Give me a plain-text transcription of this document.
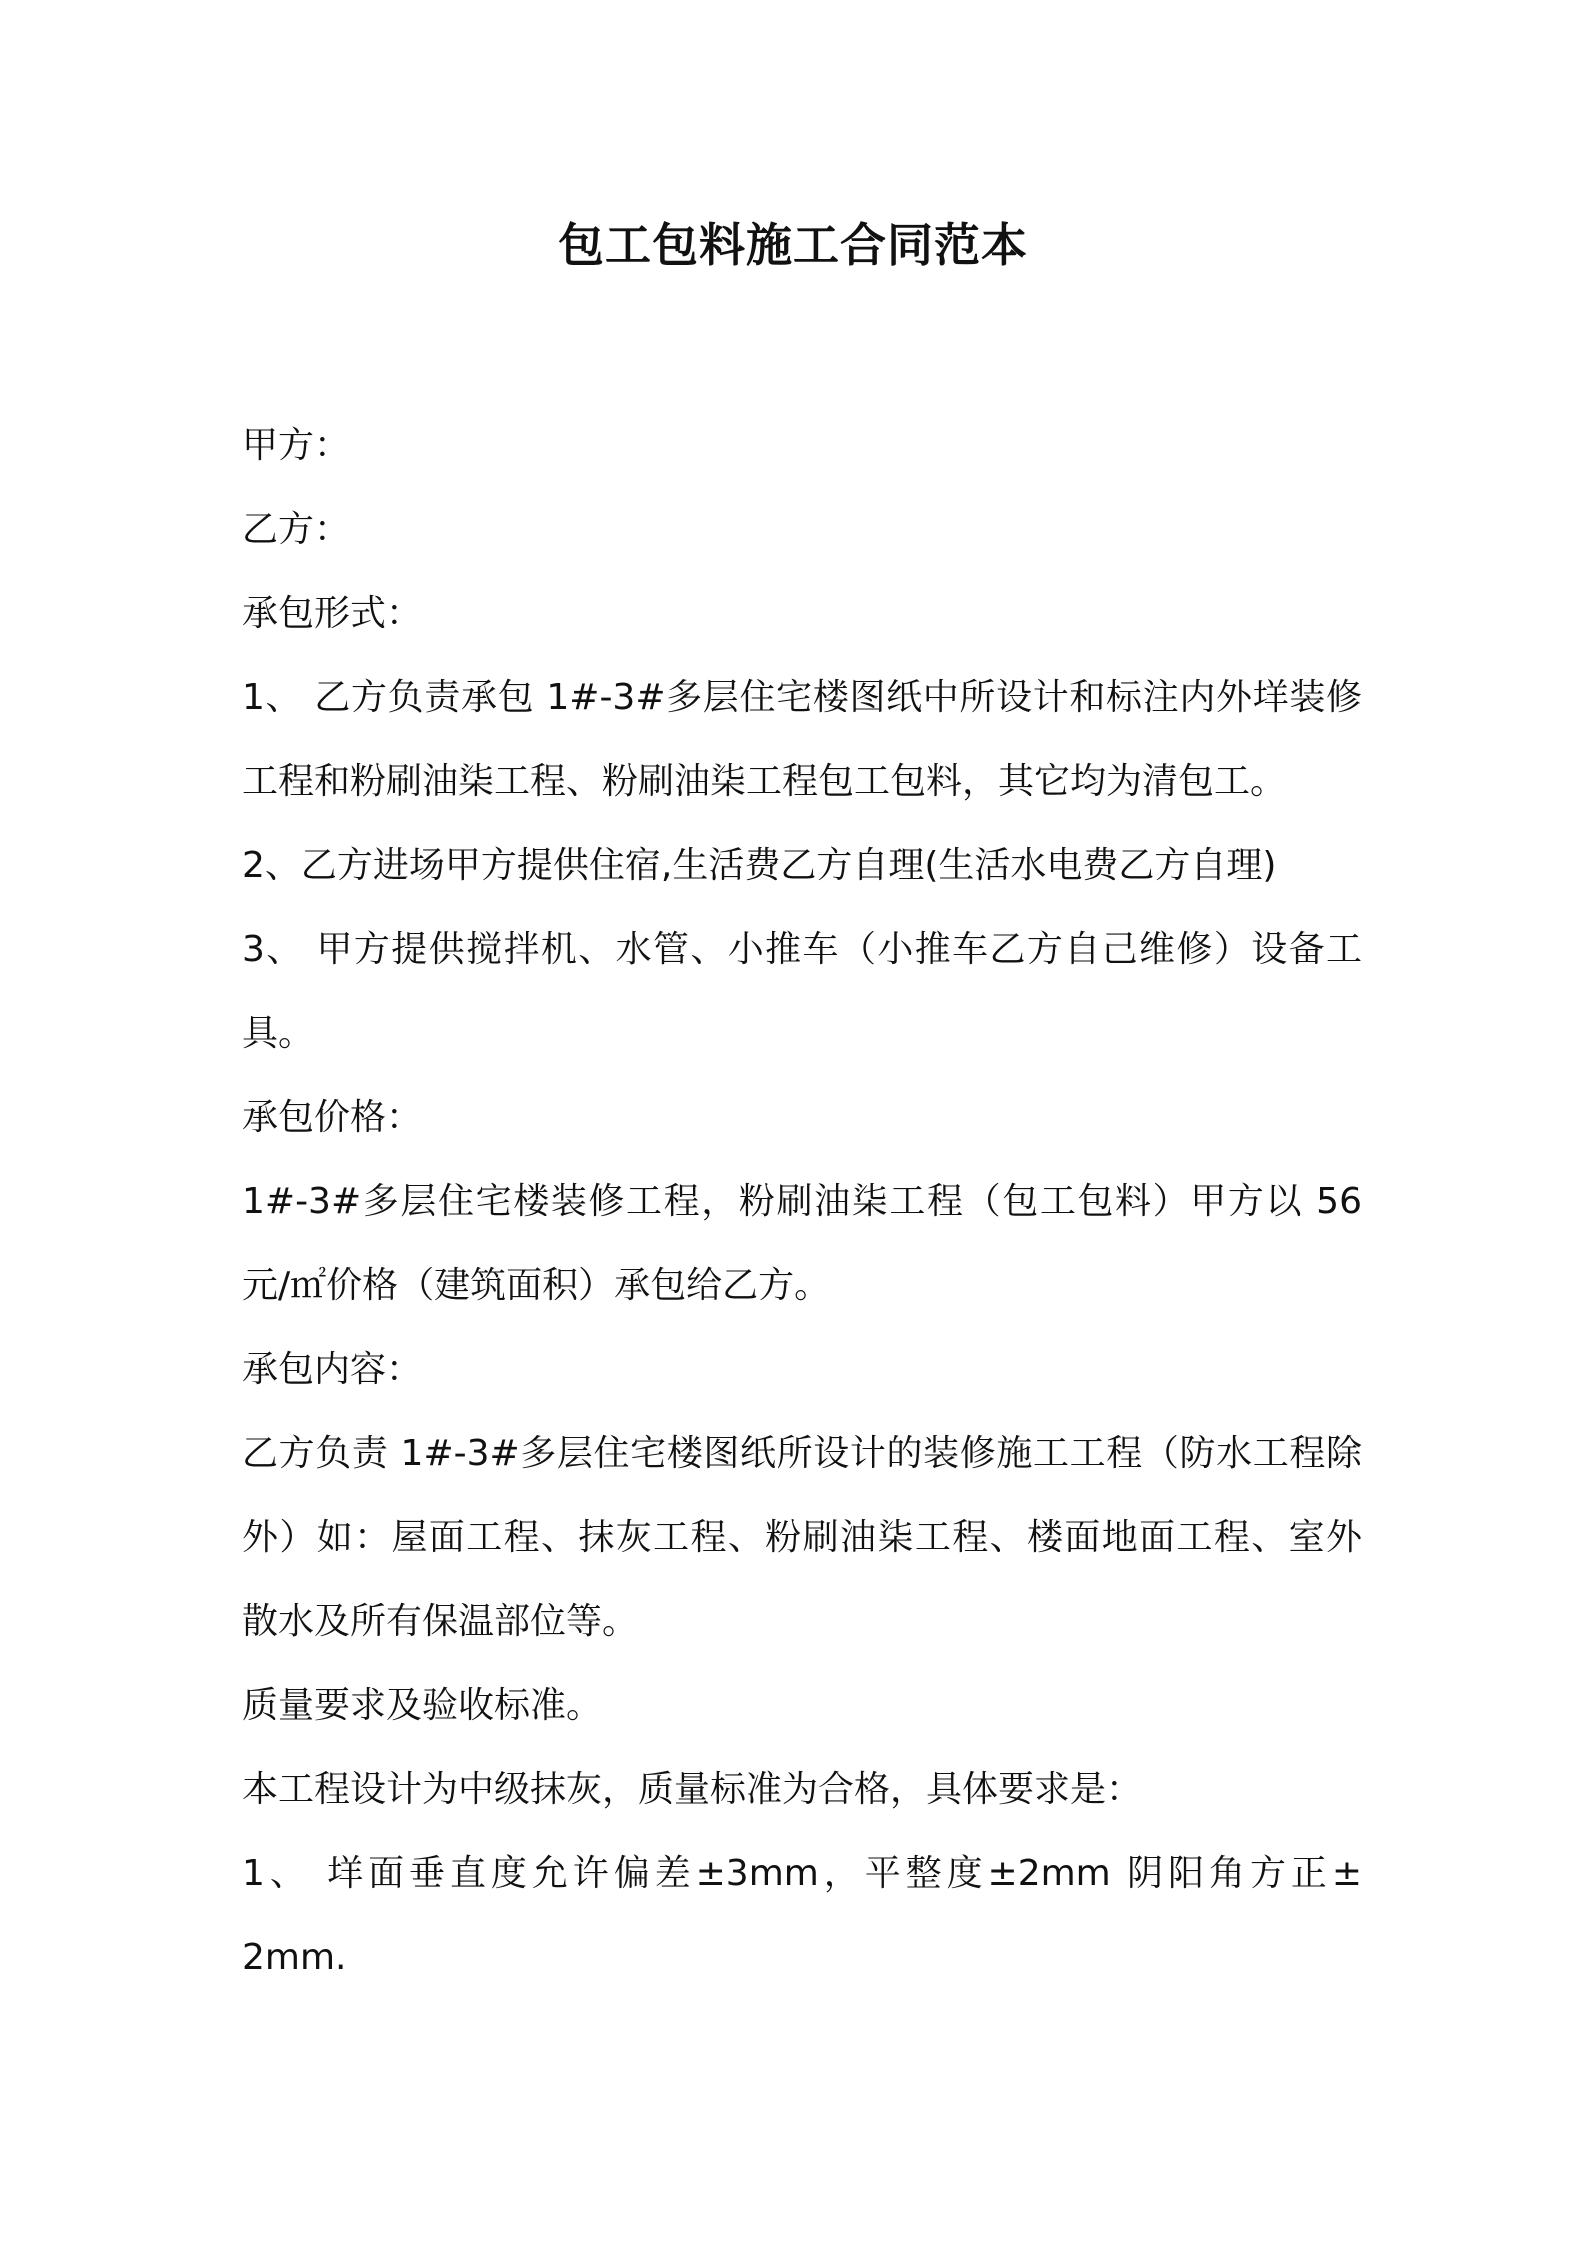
包工包料施工合同范本
甲方：
乙方：
承包形式：
1、 乙方负责承包 1#-3#多层住宅楼图纸中所设计和标注内外垟装修
工程和粉刷油柒工程、粉刷油柒工程包工包料，其它均为清包工。
2、乙方进场甲方提供住宿,生活费乙方自理(生活水电费乙方自理)
3、 甲方提供搅拌机、水管、小推车（小推车乙方自己维修）设备工
具。
承包价格：
1#-3#多层住宅楼装修工程，粉刷油柒工程（包工包料）甲方以 56
元/㎡价格（建筑面积）承包给乙方。
承包内容：
乙方负责 1#-3#多层住宅楼图纸所设计的装修施工工程（防水工程除
外）如：屋面工程、抹灰工程、粉刷油柒工程、楼面地面工程、室外
散水及所有保温部位等。
质量要求及验收标准。
本工程设计为中级抹灰，质量标准为合格，具体要求是：
1、 垟面垂直度允许偏差±3mm，平整度±2mm 阴阳角方正±
2mm.
